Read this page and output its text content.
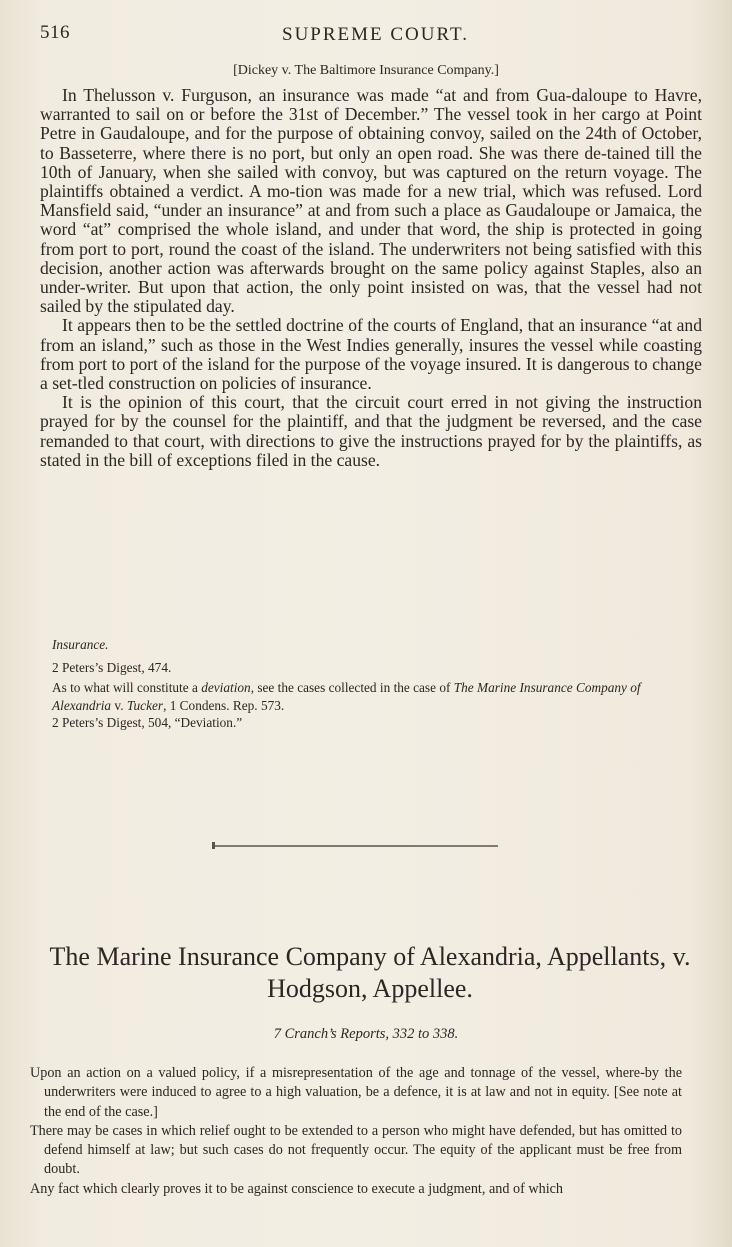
516	SUPREME COURT.
[Dickey v. The Baltimore Insurance Company.]

In Thelusson v. Furguson, an insurance was made “at and from Gua-daloupe to Havre, warranted to sail on or before the 31st of December.” The vessel took in her cargo at Point Petre in Gaudaloupe, and for the purpose of obtaining convoy, sailed on the 24th of October, to Basseterre, where there is no port, but only an open road. She was there de-tained till the 10th of January, when she sailed with convoy, but was captured on the return voyage. The plaintiffs obtained a verdict. A mo-tion was made for a new trial, which was refused. Lord Mansfield said, “under an insurance” at and from such a place as Gaudaloupe or Jamaica, the word “at” comprised the whole island, and under that word, the ship is protected in going from port to port, round the coast of the island. The underwriters not being satisfied with this decision, another action was afterwards brought on the same policy against Staples, also an under-writer. But upon that action, the only point insisted on was, that the vessel had not sailed by the stipulated day.

It appears then to be the settled doctrine of the courts of England, that an insurance “at and from an island,” such as those in the West Indies generally, insures the vessel while coasting from port to port of the island for the purpose of the voyage insured. It is dangerous to change a set-tled construction on policies of insurance.

It is the opinion of this court, that the circuit court erred in not giving the instruction prayed for by the counsel for the plaintiff, and that the judgment be reversed, and the case remanded to that court, with directions to give the instructions prayed for by the plaintiffs, as stated in the bill of exceptions filed in the cause.

Insurance.

2 Peters’s Digest, 474.

As to what will constitute a deviation, see the cases collected in the case of The Marine Insurance Company of Alexandria v. Tucker, 1 Condens. Rep. 573.

2 Peters’s Digest, 504, “Deviation.”

The Marine Insurance Company of Alexandria, Appellants, v.
Hodgson, Appellee.
7 Cranch’s Reports, 332 to 338.

Upon an action on a valued policy, if a misrepresentation of the age and tonnage of the vessel, where-by the underwriters were induced to agree to a high valuation, be a defence, it is at law and not in equity. [See note at the end of the case.]

There may be cases in which relief ought to be extended to a person who might have defended, but has omitted to defend himself at law; but such cases do not frequently occur. The equity of the applicant must be free from doubt.

Any fact which clearly proves it to be against conscience to execute a judgment, and of which
